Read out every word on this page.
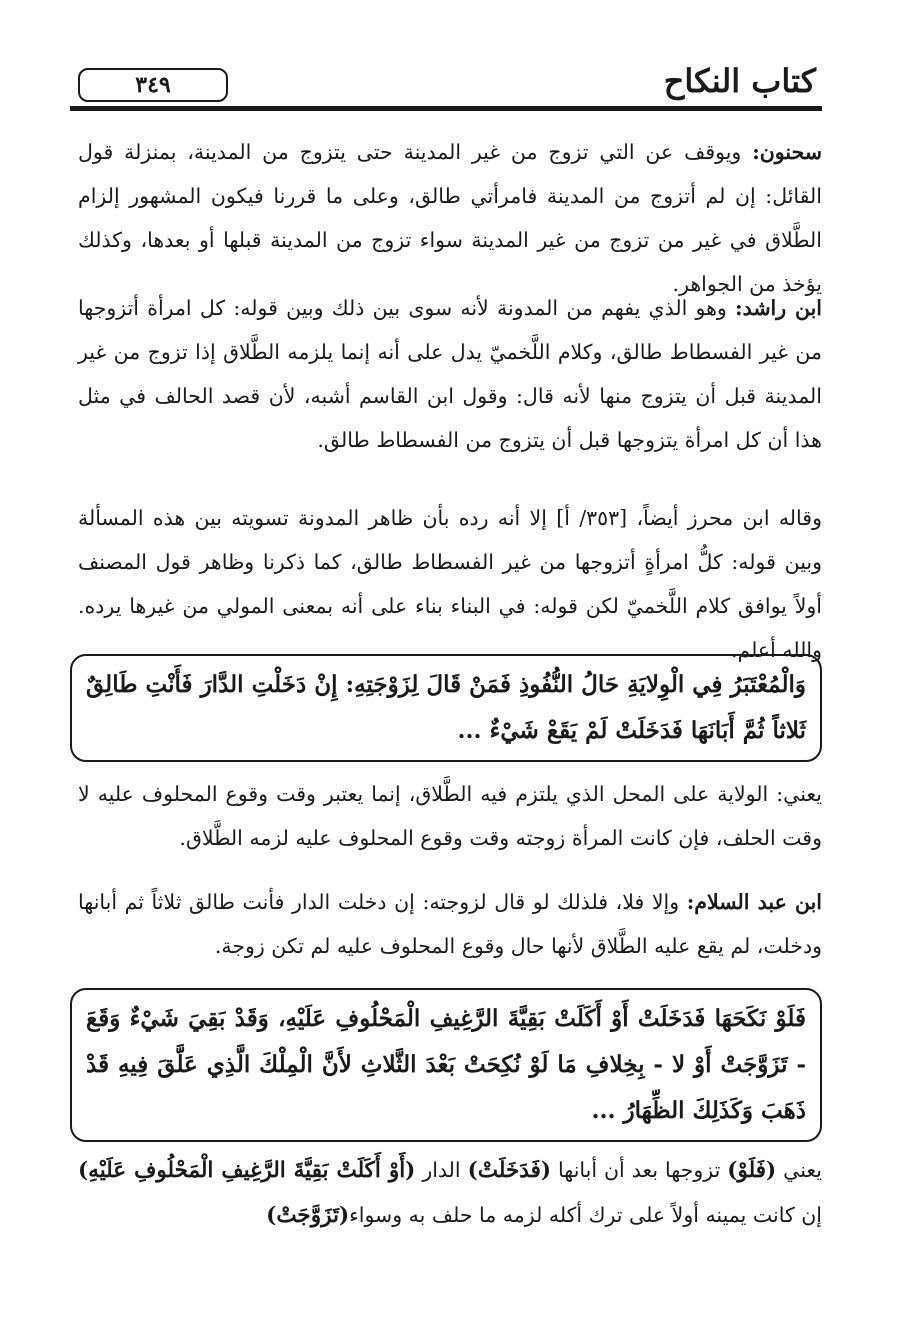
٣٤٩	كتاب النكاح

سحنون: ويوقف عن التي تزوج من غير المدينة حتى يتزوج من المدينة، بمنزلة قول القائل: إن لم أتزوج من المدينة فامرأتي طالق، وعلى ما قررنا فيكون المشهور إلزام الطَّلاق في غير من تزوج من غير المدينة سواء تزوج من المدينة قبلها أو بعدها، وكذلك يؤخذ من الجواهر.

ابن راشد: وهو الذي يفهم من المدونة لأنه سوى بين ذلك وبين قوله: كل امرأة أتزوجها من غير الفسطاط طالق، وكلام اللَّخميّ يدل على أنه إنما يلزمه الطَّلاق إذا تزوج من غير المدينة قبل أن يتزوج منها لأنه قال: وقول ابن القاسم أشبه، لأن قصد الحالف في مثل هذا أن كل امرأة يتزوجها قبل أن يتزوج من الفسطاط طالق.

وقاله ابن محرز أيضاً، [٣٥٣/ أ] إلا أنه رده بأن ظاهر المدونة تسويته بين هذه المسألة وبين قوله: كلُّ امرأةٍ أتزوجها من غير الفسطاط طالق، كما ذكرنا وظاهر قول المصنف أولاً يوافق كلام اللَّخميّ لكن قوله: في البناء بناء على أنه بمعنى المولي من غيرها يرده. والله أعلم.

وَالْمُعْتَبَرُ فِي الْوِلايَةِ حَالُ النُّفُوذِ فَمَنْ قَالَ لِزَوْجَتِهِ: إِنْ دَخَلْتِ الدَّارَ فَأَنْتِ طَالِقٌ ثَلاثاً ثُمَّ أَبَانَهَا فَدَخَلَتْ لَمْ يَقَعْ شَيْءٌ ...

يعني: الولاية على المحل الذي يلتزم فيه الطَّلاق، إنما يعتبر وقت وقوع المحلوف عليه لا وقت الحلف، فإن كانت المرأة زوجته وقت وقوع المحلوف عليه لزمه الطَّلاق.

ابن عبد السلام: وإلا فلا، فلذلك لو قال لزوجته: إن دخلت الدار فأنت طالق ثلاثاً ثم أبانها ودخلت، لم يقع عليه الطَّلاق لأنها حال وقوع المحلوف عليه لم تكن زوجة.

فَلَوْ نَكَحَهَا فَدَخَلَتْ أَوْ أَكَلَتْ بَقِيَّةَ الرَّغِيفِ الْمَحْلُوفِ عَلَيْهِ، وَقَدْ بَقِيَ شَيْءٌ وَقَعَ - تَزَوَّجَتْ أَوْ لا - بِخِلافِ مَا لَوْ نُكِحَتْ بَعْدَ الثَّلاثِ لأَنَّ الْمِلْكَ الَّذِي عَلَّقَ فِيهِ قَدْ ذَهَبَ وَكَذَلِكَ الظِّهَارُ ...

يعني (فَلَوْ) تزوجها بعد أن أبانها (فَدَخَلَتْ) الدار (أَوْ أَكَلَتْ بَقِيَّةَ الرَّغِيفِ الْمَحْلُوفِ عَلَيْهِ) إن كانت يمينه أولاً على ترك أكله لزمه ما حلف به وسواء(تَزَوَّجَتْ)
